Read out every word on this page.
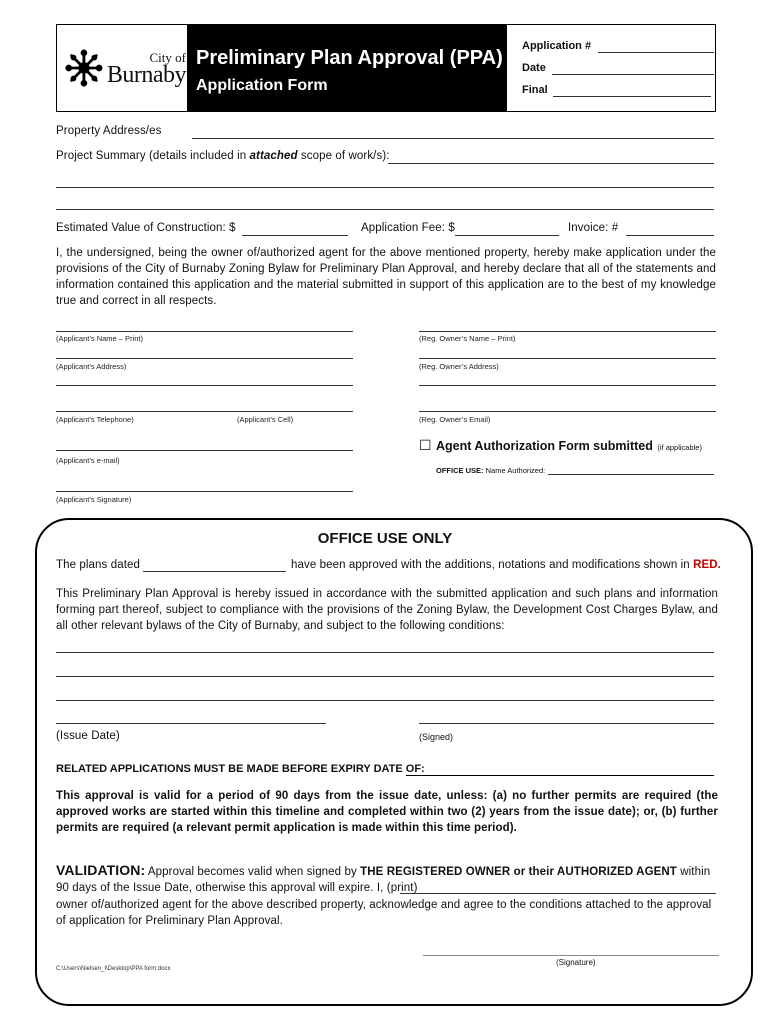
City of
Burnaby
Preliminary Plan Approval (PPA)
Application Form
Application #
Date
Final
Property Address/es
Project Summary (details included in attached scope of work/s):
Estimated Value of Construction: $	Application Fee: $	Invoice: #
I, the undersigned, being the owner of/authorized agent for the above mentioned property, hereby make application under the provisions of the City of Burnaby Zoning Bylaw for Preliminary Plan Approval, and hereby declare that all of the statements and information contained this application and the material submitted in support of this application are to the best of my knowledge true and correct in all respects.
(Applicant’s Name – Print)
(Applicant’s Address)
(Applicant’s Telephone)	(Applicant’s Cell)
(Applicant’s e-mail)
(Applicant’s Signature)
(Reg. Owner’s Name – Print)
(Reg. Owner’s Address)
(Reg. Owner’s Email)
☐ Agent Authorization Form submitted (if applicable)
OFFICE USE: Name Authorized:
OFFICE USE ONLY
The plans dated	have been approved with the additions, notations and modifications shown in RED.
This Preliminary Plan Approval is hereby issued in accordance with the submitted application and such plans and information forming part thereof, subject to compliance with the provisions of the Zoning Bylaw, the Development Cost Charges Bylaw, and all other relevant bylaws of the City of Burnaby, and subject to the following conditions:
(Issue Date)	(Signed)
RELATED APPLICATIONS MUST BE MADE BEFORE EXPIRY DATE OF:
This approval is valid for a period of 90 days from the issue date, unless: (a) no further permits are required (the approved works are started within this timeline and completed within two (2) years from the issue date); or, (b) further permits are required (a relevant permit application is made within this time period).
VALIDATION: Approval becomes valid when signed by THE REGISTERED OWNER or their AUTHORIZED AGENT within 90 days of the Issue Date, otherwise this approval will expire. I, (print)
owner of/authorized agent for the above described property, acknowledge and agree to the conditions attached to the approval of application for Preliminary Plan Approval.
(Signature)
C:\Users\Nielsen_I\Desktop\PPA form.docx
